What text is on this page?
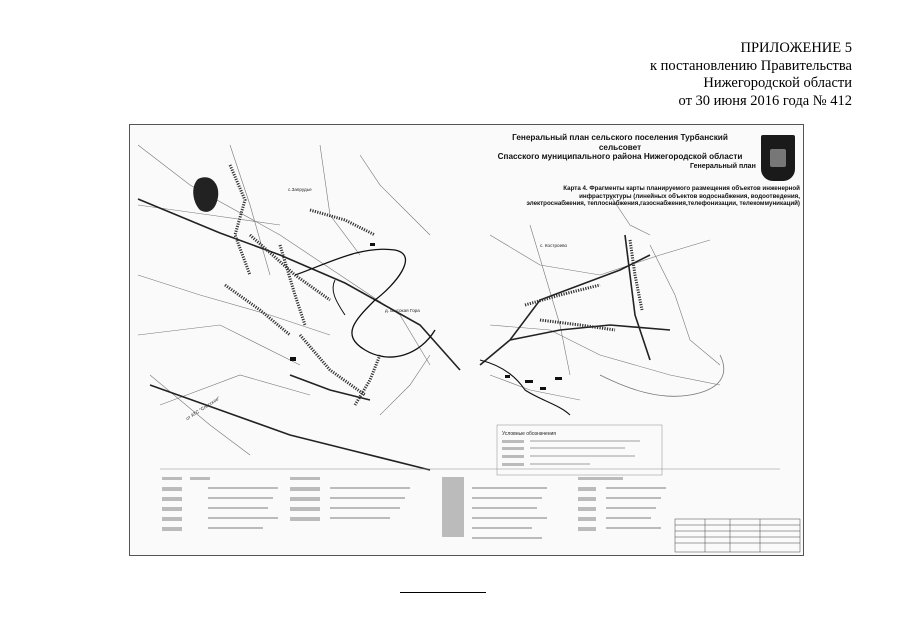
ПРИЛОЖЕНИЕ 5
к постановлению Правительства
Нижегородской области
от 30 июня 2016 года № 412
Генеральный план сельского поселения Турбанский сельсовет
Спасского муниципального района Нижегородской области
Генеральный план
Карта 4. Фрагменты карты планируемого размещения объектов инженерной
инфраструктуры (линейных объектов водоснабжения, водоотведения,
электроснабжения, теплоснабжения,газоснабжения,телефонизации, телекоммуникаций)
с.Запрудье
д. Высокая Гора
от АТС "Спасское"
с. Костроево
Условные обозначения
